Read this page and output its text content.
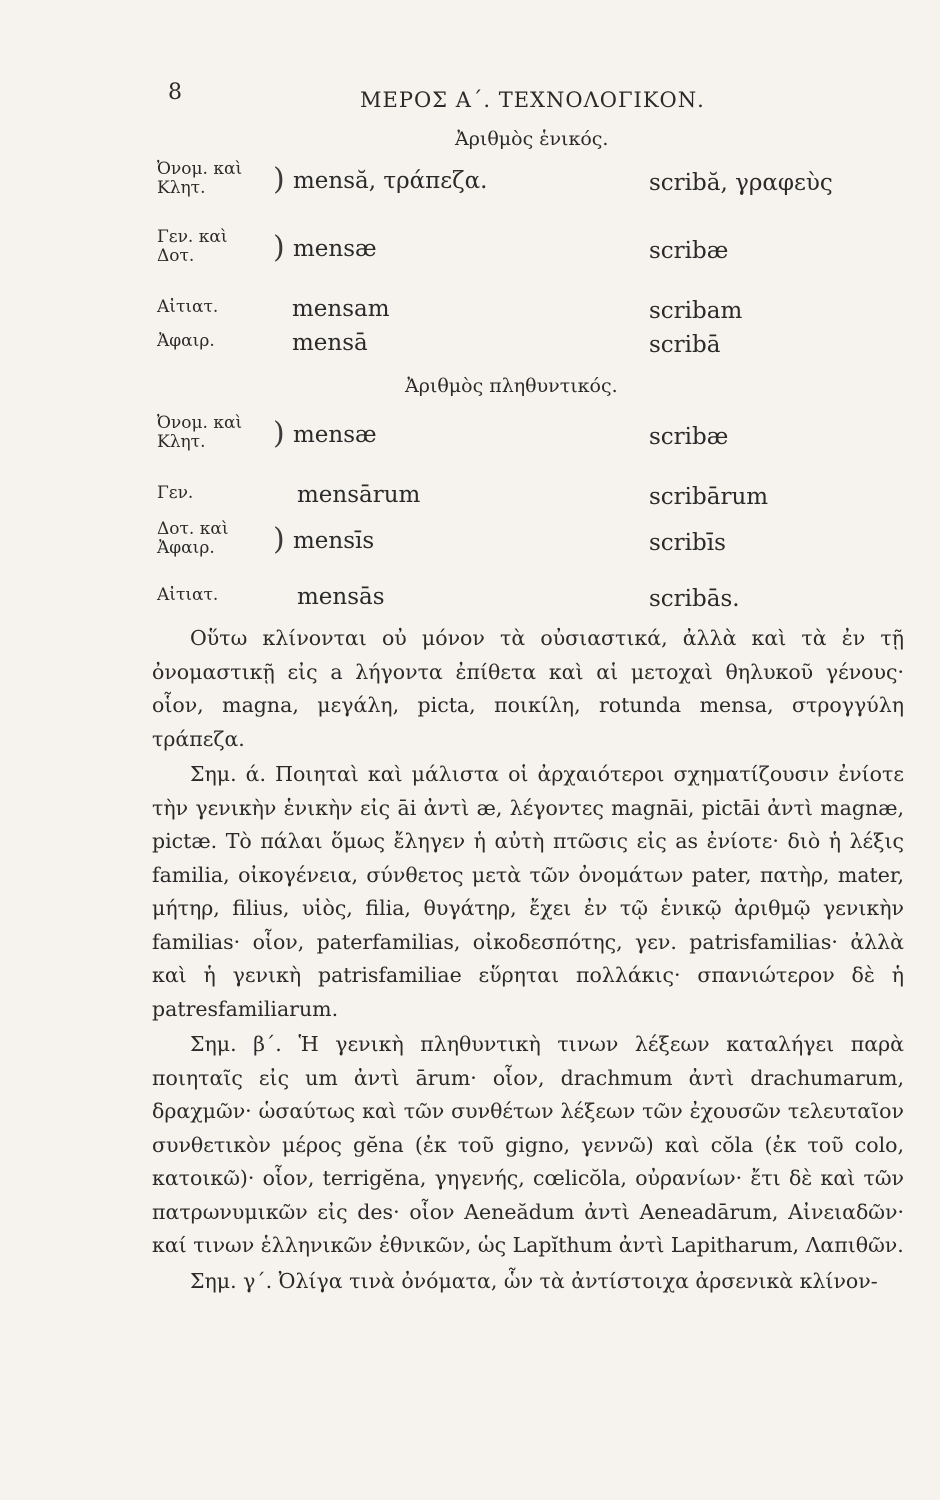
8	ΜΕΡΟΣ Α΄. ΤΕΧΝΟΛΟΓΙΚΟΝ.
Ἀριθμὸς ἑνικός.
Ὀνομ. καὶ
Κλητ.	) mensă, τράπεζα.	scribă, γραφεὺς
Γεν. καὶ
Δοτ.	) mensæ	scribæ
Αἰτιατ.	mensam	scribam
Ἀφαιρ.	mensā	scribā
Ἀριθμὸς πληθυντικός.
Ὀνομ. καὶ
Κλητ.	) mensæ	scribæ
Γεν.	mensārum	scribārum
Δοτ. καὶ
Ἀφαιρ.	) mensīs	scribīs
Αἰτιατ.	mensās	scribās.

Οὕτω κλίνονται οὐ μόνον τὰ οὐσιαστικά, ἀλλὰ καὶ τὰ ἐν τῇ ὀνομαστικῇ εἰς a λήγοντα ἐπίθετα καὶ αἱ μετοχαὶ θηλυκοῦ γένους· οἷον, magna, μεγάλη, picta, ποικίλη, rotunda mensa, στρογγύλη τράπεζα.

Σημ. ά. Ποιηταὶ καὶ μάλιστα οἱ ἀρχαιότεροι σχηματίζουσιν ἐνίοτε τὴν γενικὴν ἑνικὴν εἰς āi ἀντὶ æ, λέγοντες magnāi, pictāi ἀντὶ magnæ, pictæ. Τὸ πάλαι ὅμως ἔληγεν ἡ αὐτὴ πτῶσις εἰς as ἐνίοτε· διὸ ἡ λέξις familia, οἰκογένεια, σύνθετος μετὰ τῶν ὀνομάτων pater, πατὴρ, mater, μήτηρ, filius, υἱὸς, filia, θυγάτηρ, ἔχει ἐν τῷ ἑνικῷ ἀριθμῷ γενικὴν familias· οἷον, paterfamilias, οἰκοδεσπότης, γεν. patrisfamilias· ἀλλὰ καὶ ἡ γενικὴ patrisfamiliae εὕρηται πολλάκις· σπανιώτερον δὲ ἡ patresfamiliarum.

Σημ. β΄. Ἡ γενικὴ πληθυντικὴ τινων λέξεων καταλήγει παρὰ ποιηταῖς εἰς um ἀντὶ ārum· οἷον, drachmum ἀντὶ drachumarum, δραχμῶν· ὡσαύτως καὶ τῶν συνθέτων λέξεων τῶν ἐχουσῶν τελευταῖον συνθετικὸν μέρος gĕna (ἐκ τοῦ gigno, γεννῶ) καὶ cŏla (ἐκ τοῦ colo, κατοικῶ)· οἷον, terrigĕna, γηγενής, cœlicŏla, οὐρανίων· ἔτι δὲ καὶ τῶν πατρωνυμικῶν εἰς des· οἷον Aeneădum ἀντὶ Aeneadārum, Αἰνειαδῶν· καί τινων ἑλληνικῶν ἐθνικῶν, ὡς Lapĭthum ἀντὶ Lapitharum, Λαπιθῶν.

Σημ. γ΄. Ὀλίγα τινὰ ὀνόματα, ὧν τὰ ἀντίστοιχα ἀρσενικὰ κλίνον-
